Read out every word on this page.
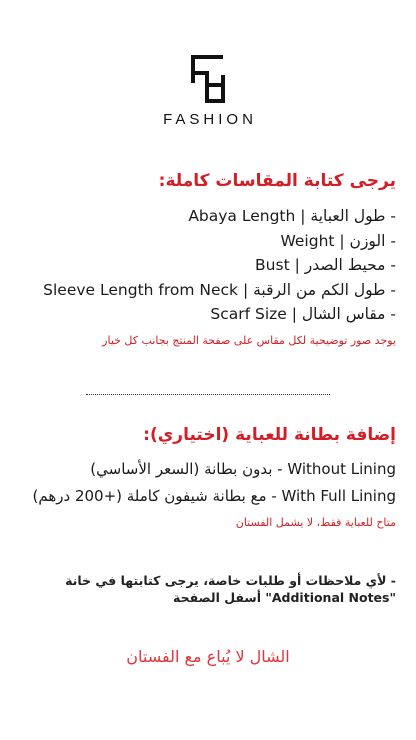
FASHION
يرجى كتابة المقاسات كاملة:
- طول العباية | Abaya Length
- الوزن | Weight
- محيط الصدر | Bust
- طول الكم من الرقبة | Sleeve Length from Neck
- مقاس الشال | Scarf Size
يوجد صور توضيحية لكل مقاس على صفحة المنتج بجانب كل خيار
إضافة بطانة للعباية (اختياري):
Without Lining - بدون بطانة (السعر الأساسي)
With Full Lining - مع بطانة شيفون كاملة (+200 درهم)
متاح للعباية فقط، لا يشمل الفستان
- لأي ملاحظات أو طلبات خاصة، يرجى كتابتها في خانة
"Additional Notes" أسفل الصفحة
الشال لا يُباع مع الفستان
